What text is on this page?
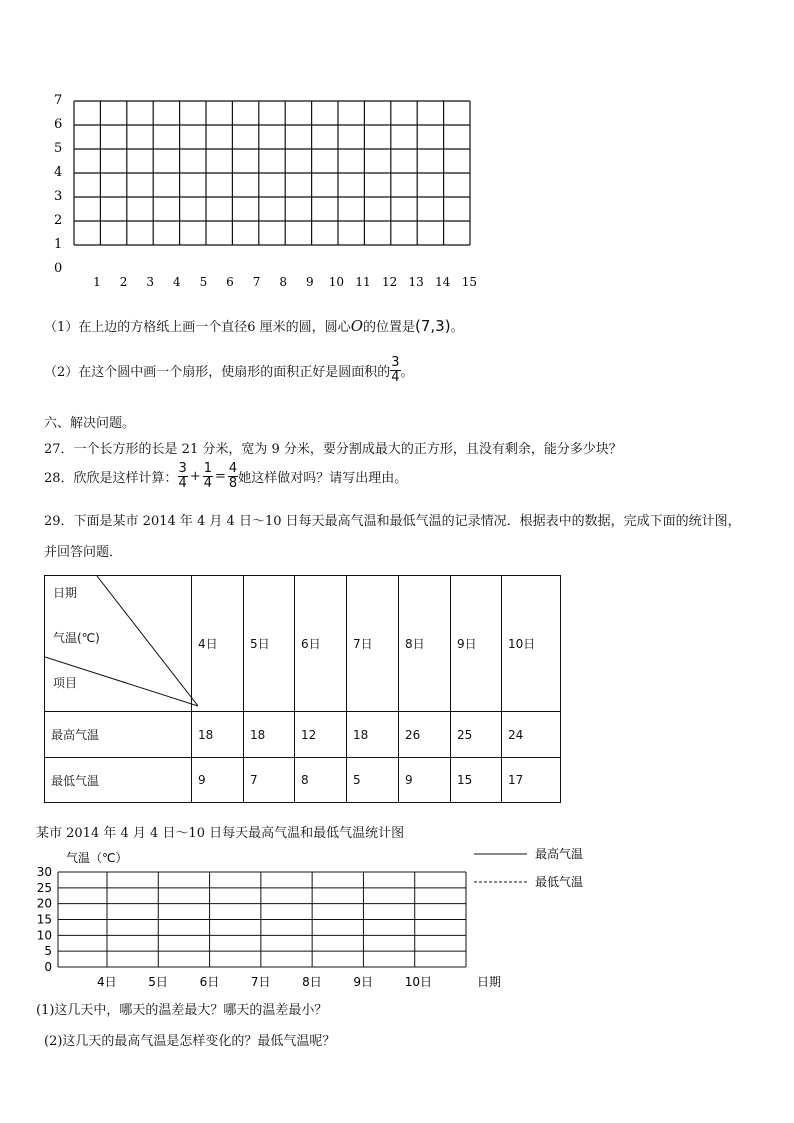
0
1
2
3
4
5
6
7
1 2 3 4 5 6 7 8 9 10 11 12 13 14 15
（1）在上边的方格纸上画一个直径6 厘米的圆，圆心O的位置是(7,3)。
（2）在这个圆中画一个扇形，使扇形的面积正好是圆面积的 $\frac{3}{4}$ 。
六、解决问题。
27．一个长方形的长是 21 分米，宽为 9 分米，要分割成最大的正方形，且没有剩余，能分多少块？
28．欣欣是这样计算： $\frac{3}{4} + \frac{1}{4} = \frac{4}{8}$ 她这样做对吗？请写出理由。
29．下面是某市 2014 年 4 月 4 日～10 日每天最高气温和最低气温的记录情况．根据表中的数据，完成下面的统计图，
并回答问题．
日期
气温(℃)
项目	4日	5日	6日	7日	8日	9日	10日
最高气温	18	18	12	18	26	25	24
最低气温	9	7	8	5	9	15	17
某市 2014 年 4 月 4 日～10 日每天最高气温和最低气温统计图
气温（℃）
0
5
10
15
20
25
30
4日	5日	6日	7日	8日	9日	10日	日期
最高气温
最低气温
(1)这几天中，哪天的温差最大？哪天的温差最小？
(2)这几天的最高气温是怎样变化的？最低气温呢？
